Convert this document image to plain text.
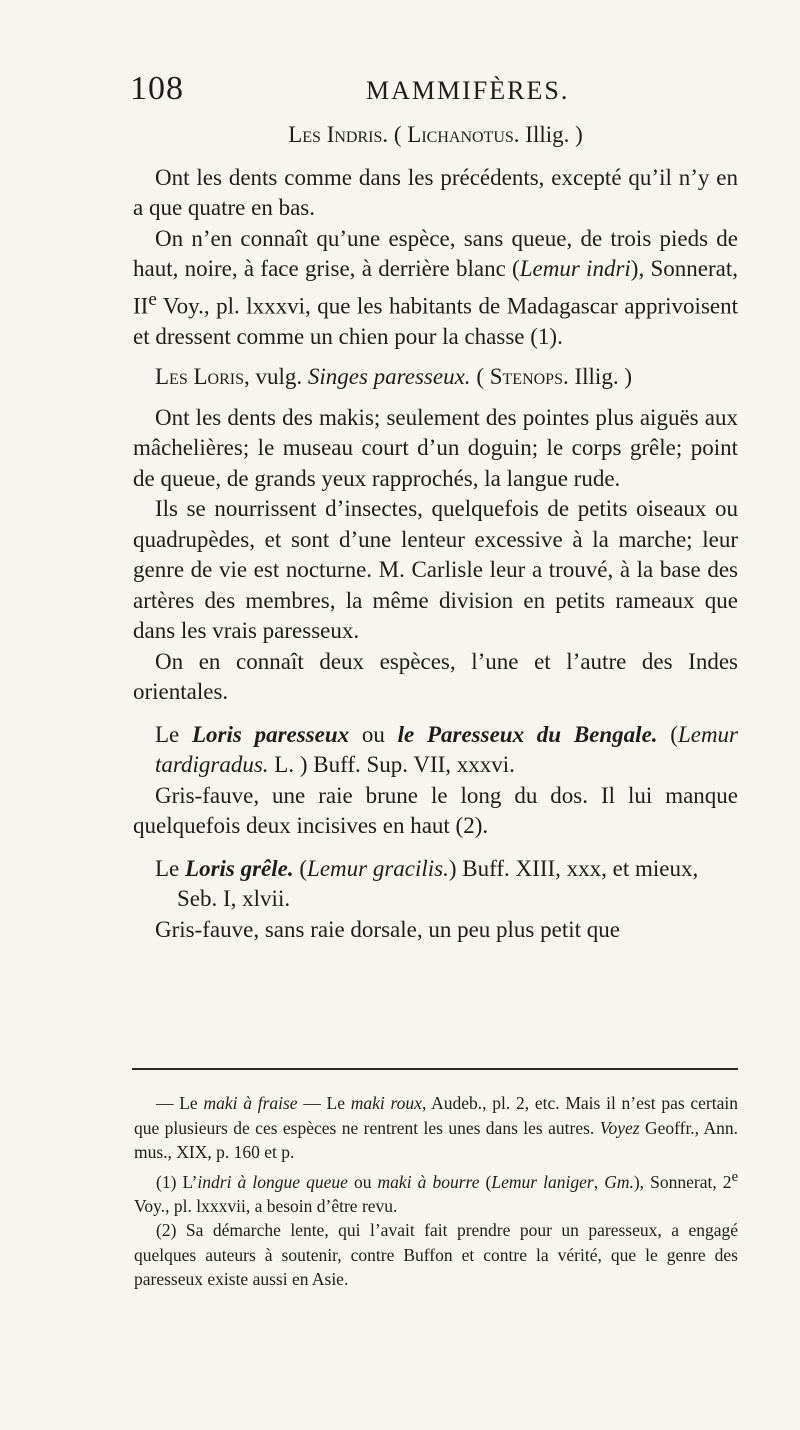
108	MAMMIFÈRES.

Les Indris. ( Lichanotus. Illig. )

Ont les dents comme dans les précédents, excepté qu’il n’y en a que quatre en bas.

On n’en connaît qu’une espèce, sans queue, de trois pieds de haut, noire, à face grise, à derrière blanc (Lemur indri), Sonnerat, IIe Voy., pl. lxxxvi, que les habitants de Madagascar apprivoisent et dressent comme un chien pour la chasse (1).

Les Loris, vulg. Singes paresseux. ( Stenops. Illig. )

Ont les dents des makis; seulement des pointes plus aiguës aux mâchelières; le museau court d’un doguin; le corps grêle; point de queue, de grands yeux rapprochés, la langue rude.

Ils se nourrissent d’insectes, quelquefois de petits oiseaux ou quadrupèdes, et sont d’une lenteur excessive à la marche; leur genre de vie est nocturne. M. Carlisle leur a trouvé, à la base des artères des membres, la même division en petits rameaux que dans les vrais paresseux.

On en connaît deux espèces, l’une et l’autre des Indes orientales.

Le Loris paresseux ou le Paresseux du Bengale. (Lemur tardigradus. L. ) Buff. Sup. VII, xxxvi.

Gris-fauve, une raie brune le long du dos. Il lui manque quelquefois deux incisives en haut (2).

Le Loris grêle. (Lemur gracilis.) Buff. XIII, xxx, et mieux,
Seb. I, xlvii.

Gris-fauve, sans raie dorsale, un peu plus petit que

— Le maki à fraise — Le maki roux, Audeb., pl. 2, etc. Mais il n’est pas certain que plusieurs de ces espèces ne rentrent les unes dans les autres. Voyez Geoffr., Ann. mus., XIX, p. 160 et p.

(1) L’indri à longue queue ou maki à bourre (Lemur laniger, Gm.), Sonnerat, 2e Voy., pl. lxxxvii, a besoin d’être revu.

(2) Sa démarche lente, qui l’avait fait prendre pour un paresseux, a engagé quelques auteurs à soutenir, contre Buffon et contre la vérité, que le genre des paresseux existe aussi en Asie.
